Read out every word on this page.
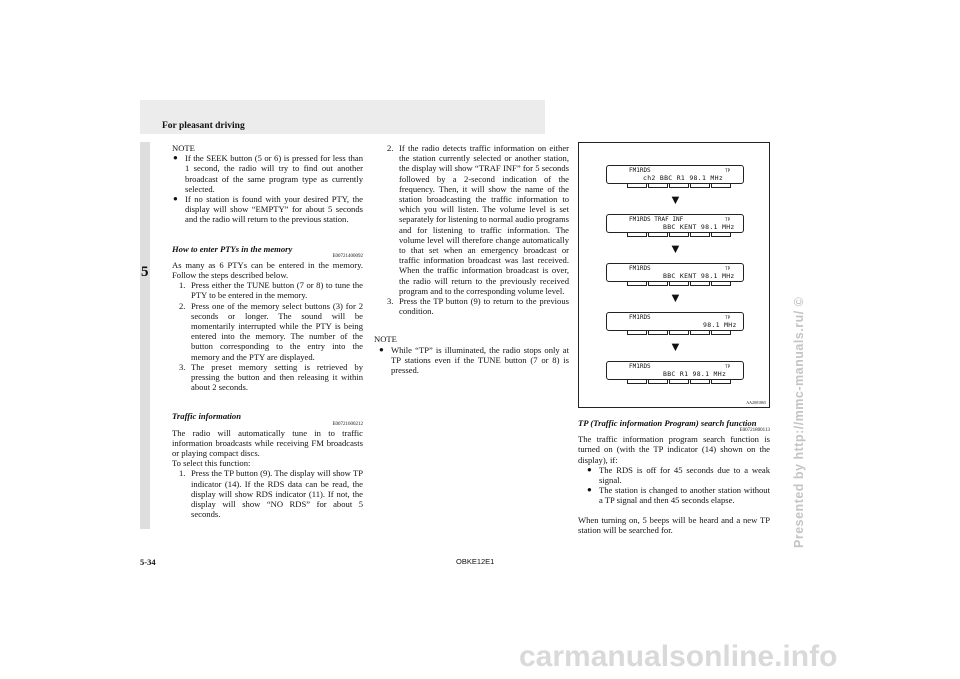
For pleasant driving
5

NOTE

● If the SEEK button (5 or 6) is pressed for less than 1 second, the radio will try to find out another broadcast of the same program type as currently selected.
● If no station is found with your desired PTY, the display will show “EMPTY” for about 5 seconds and the radio will return to the previous station.
How to enter PTYs in the memory
E00721400092

As many as 6 PTYs can be entered in the memory. Follow the steps described below.

1. Press either the TUNE button (7 or 8) to tune the PTY to be entered in the memory.
2. Press one of the memory select buttons (3) for 2 seconds or longer. The sound will be momentarily interrupted while the PTY is being entered into the memory. The number of the button corresponding to the entry into the memory and the PTY are displayed.
3. The preset memory setting is retrieved by pressing the button and then releasing it within about 2 seconds.
Traffic information
E00721600212

The radio will automatically tune in to traffic information broadcasts while receiving FM broadcasts or playing compact discs.

To select this function:

1. Press the TP button (9). The display will show TP indicator (14). If the RDS data can be read, the display will show RDS indicator (11). If not, the display will show “NO RDS” for about 5 seconds.
2. If the radio detects traffic information on either the station currently selected or another station, the display will show “TRAF INF” for 5 seconds followed by a 2-second indication of the frequency. Then, it will show the name of the station broadcasting the traffic information to which you will listen. The volume level is set separately for listening to normal audio programs and for listening to traffic information. The volume level will therefore change automatically to that set when an emergency broadcast or traffic information broadcast was last received. When the traffic information broadcast is over, the radio will return to the previously received program and to the corresponding volume level.
3. Press the TP button (9) to return to the previous condition.

NOTE

● While “TP” is illuminated, the radio stops only at TP stations even if the TUNE button (7 or 8) is pressed.
FM1RDS	TP
ch2 BBC R1 98.1 MHz
▼
FM1RDS TRAF INF	TP
BBC KENT 98.1 MHz
▼
FM1RDS	TP
BBC KENT 98.1 MHz
▼
FM1RDS	TP
98.1 MHz
▼
FM1RDS	TP
BBC R1 98.1 MHz
AA2001865
TP (Traffic information Program) search function
E00721800113

The traffic information program search function is turned on (with the TP indicator (14) shown on the display), if:

● The RDS is off for 45 seconds due to a weak signal.
● The station is changed to another station without a TP signal and then 45 seconds elapse.

When turning on, 5 beeps will be heard and a new TP station will be searched for.

5-34	OBKE12E1
Presented by http://mmc-manuals.ru/ ©
carmanualsonline.info
